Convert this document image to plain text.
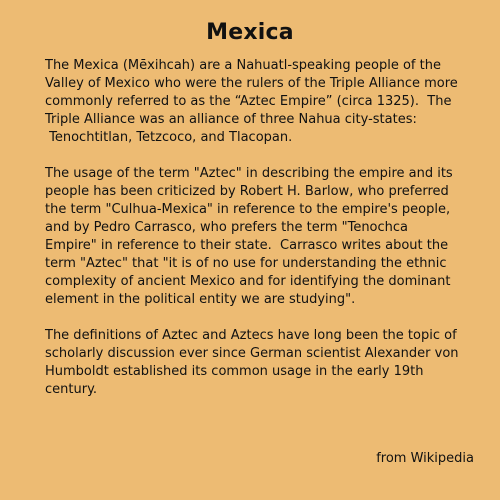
Mexica

The Mexica (Mēxihcah) are a Nahuatl-speaking people of the
Valley of Mexico who were the rulers of the Triple Alliance more
commonly referred to as the “Aztec Empire” (circa 1325).  The
Triple Alliance was an alliance of three Nahua city-states:
Tenochtitlan, Tetzcoco, and Tlacopan.

The usage of the term "Aztec" in describing the empire and its
people has been criticized by Robert H. Barlow, who preferred
the term "Culhua-Mexica" in reference to the empire's people,
and by Pedro Carrasco, who prefers the term "Tenochca
Empire" in reference to their state.  Carrasco writes about the
term "Aztec" that "it is of no use for understanding the ethnic
complexity of ancient Mexico and for identifying the dominant
element in the political entity we are studying".

The definitions of Aztec and Aztecs have long been the topic of
scholarly discussion ever since German scientist Alexander von
Humboldt established its common usage in the early 19th
century.

from Wikipedia
